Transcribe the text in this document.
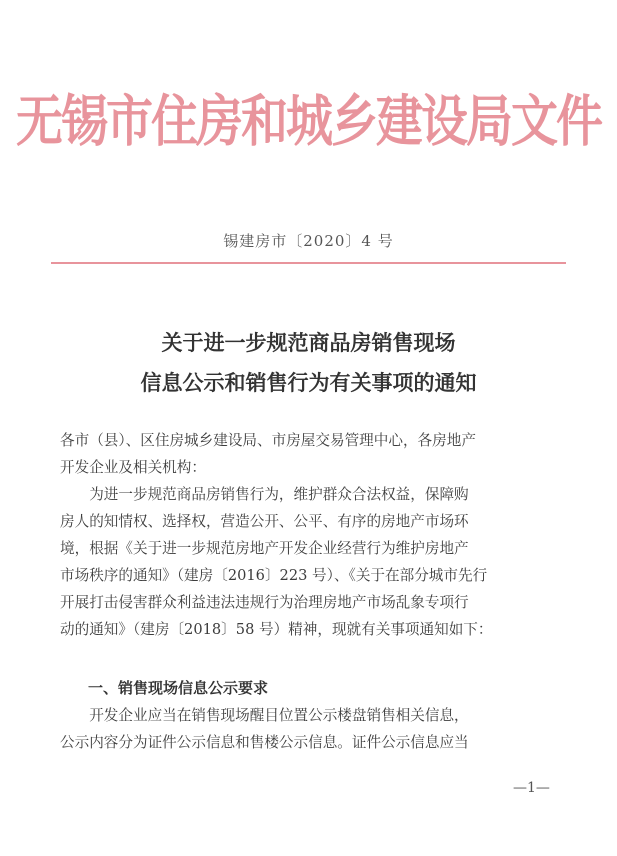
无锡市住房和城乡建设局文件
锡建房市〔2020〕4 号
关于进一步规范商品房销售现场
信息公示和销售行为有关事项的通知
各市（县）、区住房城乡建设局、市房屋交易管理中心，各房地产
开发企业及相关机构：
　　为进一步规范商品房销售行为，维护群众合法权益，保障购
房人的知情权、选择权，营造公开、公平、有序的房地产市场环
境，根据《关于进一步规范房地产开发企业经营行为维护房地产
市场秩序的通知》（建房〔2016〕223 号）、《关于在部分城市先行
开展打击侵害群众利益违法违规行为治理房地产市场乱象专项行
动的通知》（建房〔2018〕58 号）精神，现就有关事项通知如下：
一、销售现场信息公示要求
　　开发企业应当在销售现场醒目位置公示楼盘销售相关信息，
公示内容分为证件公示信息和售楼公示信息。证件公示信息应当
—1—
